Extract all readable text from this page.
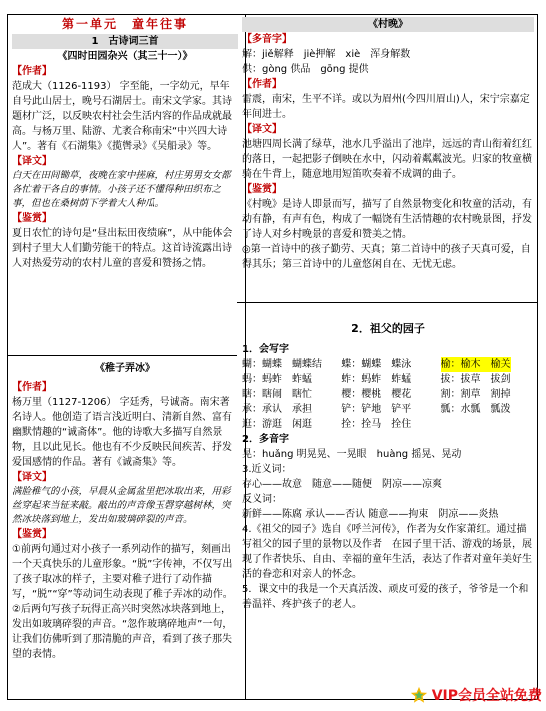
第一单元　童年往事

1　古诗词三首

《四时田园杂兴（其三十一）》

【作者】

范成大（1126-1193） 字至能，一字幼元，早年自号此山居士，晚号石湖居士。南宋文学家。其诗题材广泛，以反映农村社会生活内容的作品成就最高。与杨万里、陆游、尤袤合称南宋“中兴四大诗人”。著有《石湖集》《揽辔录》《吴船录》等。

【译文】

白天在田间锄草，夜晚在家中搓麻，村庄男男女女都各忙着干各自的事情。小孩子还不懂得种田织布之事，但也在桑树荫下学着大人种瓜。

【鉴赏】

夏日农忙的诗句是“昼出耘田夜绩麻”，从中能体会到村子里大人们勤劳能干的特点。这首诗流露出诗人对热爱劳动的农村儿童的喜爱和赞扬之情。

《稚子弄冰》

【作者】

杨万里（1127-1206） 字廷秀，号诚斋。南宋著名诗人。他创造了语言浅近明白、清新自然、富有幽默情趣的“诚斋体”。他的诗歌大多描写自然景物，且以此见长。他也有不少反映民间疾苦、抒发爱国感情的作品。著有《诚斋集》等。

【译文】

满脸稚气的小孩，早晨从金属盆里把冰取出来，用彩丝穿起来当钲来敲。敲出的声音像玉磬穿越树林，突然冰块落到地上，发出如玻璃碎裂的声音。

【鉴赏】

①前两句通过对小孩子一系列动作的描写，刻画出一个天真快乐的儿童形象。“脱”字传神，不仅写出了孩子取冰的样子，主要对稚子进行了动作描写，“脱”“穿”等动词生动表现了稚子弄冰的动作。②后两句写孩子玩得正高兴时突然冰块落到地上，发出如玻璃碎裂的声音。“忽作玻璃碎地声”一句，让我们仿佛听到了那清脆的声音，看到了孩子那失望的表情。

《村晚》

【多音字】

解：jiě解释　jiè押解　xiè　浑身解数

供：gòng 供品　gōng 提供

【作者】

雷震，南宋，生平不详。或以为眉州(今四川眉山)人，宋宁宗嘉定年间进士。

【译文】

池塘四周长满了绿草，池水几乎溢出了池岸，远远的青山衔着红红的落日，一起把影子倒映在水中，闪动着粼粼波光。归家的牧童横骑在牛背上，随意地用短笛吹奏着不成调的曲子。

【鉴赏】

《村晚》是诗人即景而写，描写了自然景物变化和牧童的活动，有动有静，有声有色，构成了一幅饶有生活情趣的农村晚景图，抒发了诗人对乡村晚景的喜爱和赞美之情。

◎第一首诗中的孩子勤劳、天真；第二首诗中的孩子天真可爱，自得其乐；第三首诗中的儿童悠闲自在、无忧无虑。

2．祖父的园子

1．会写字

蝴：蝴蝶　蝴蝶结 蝶：蝴蝶　蝶泳	榆：榆木　榆关
蚂：蚂蚱　蚱蜢	蚱：蚂蚱　蚱蜢	拔：拔草　拔剑
瞎：瞎闹　瞎忙	樱：樱桃　樱花	割：割草　割掉
承：承认　承担	铲：铲地　铲平	瓢：水瓢　瓢泼
逛：游逛　闲逛	拴：拴马　拴住

2．多音字

晃：huǎng 明晃晃、一晃眼　huàng 摇晃、晃动

3.近义词：

存心——故意　随意——随便　阴凉——凉爽

反义词：

新鲜——陈腐 承认——否认 随意——拘束　阴凉——炎热

4.《祖父的园子》选自《呼兰河传》，作者为女作家萧红。通过描写祖父的园子里的景物以及作者　在园子里干活、游戏的场景，展现了作者快乐、自由、幸福的童年生活，表达了作者对童年美好生活的眷恋和对亲人的怀念。

5．课文中的我是一个天真活泼、顽皮可爱的孩子，爷爷是一个和善温祥、疼护孩子的老人。

VIP会员全站免费
